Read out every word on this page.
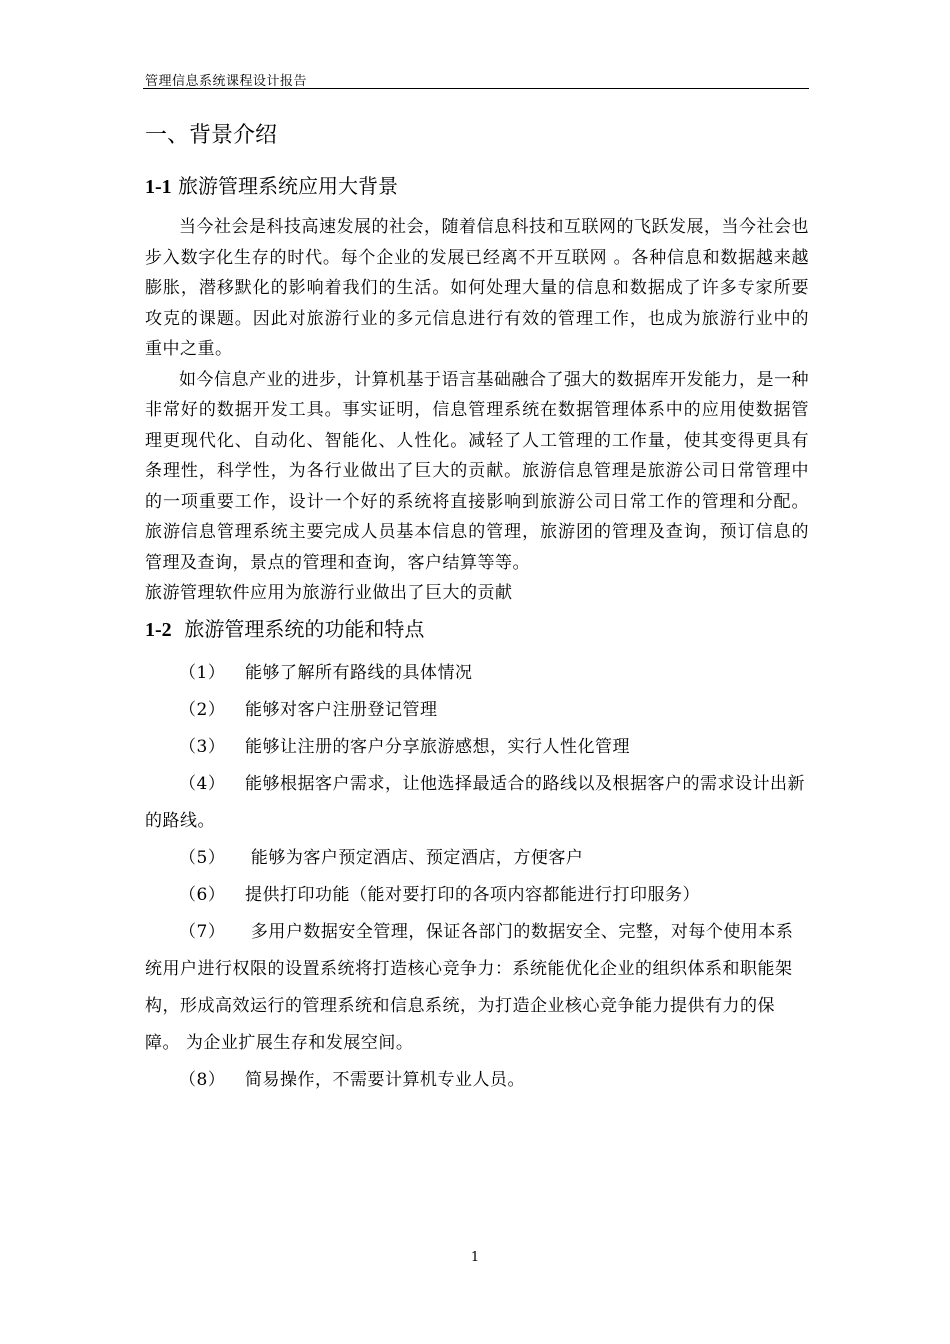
管理信息系统课程设计报告
一、背景介绍
1-1 旅游管理系统应用大背景

当今社会是科技高速发展的社会，随着信息科技和互联网的飞跃发展，当今社会也步入数字化生存的时代。每个企业的发展已经离不开互联网 。各种信息和数据越来越膨胀，潜移默化的影响着我们的生活。如何处理大量的信息和数据成了许多专家所要攻克的课题。因此对旅游行业的多元信息进行有效的管理工作，也成为旅游行业中的重中之重。

如今信息产业的进步，计算机基于语言基础融合了强大的数据库开发能力，是一种非常好的数据开发工具。事实证明，信息管理系统在数据管理体系中的应用使数据管理更现代化、自动化、智能化、人性化。减轻了人工管理的工作量，使其变得更具有条理性，科学性，为各行业做出了巨大的贡献。旅游信息管理是旅游公司日常管理中的一项重要工作，设计一个好的系统将直接影响到旅游公司日常工作的管理和分配。旅游信息管理系统主要完成人员基本信息的管理，旅游团的管理及查询，预订信息的管理及查询，景点的管理和查询，客户结算等等。

旅游管理软件应用为旅游行业做出了巨大的贡献

1-2 旅游管理系统的功能和特点
（1） 能够了解所有路线的具体情况
（2） 能够对客户注册登记管理
（3） 能够让注册的客户分享旅游感想，实行人性化管理
（4） 能够根据客户需求，让他选择最适合的路线以及根据客户的需求设计出新的路线。
（5） 能够为客户预定酒店、预定酒店，方便客户
（6） 提供打印功能（能对要打印的各项内容都能进行打印服务）
（7） 多用户数据安全管理，保证各部门的数据安全、完整，对每个使用本系统用户进行权限的设置系统将打造核心竞争力：系统能优化企业的组织体系和职能架构，形成高效运行的管理系统和信息系统，为打造企业核心竞争能力提供有力的保障。 为企业扩展生存和发展空间。
（8） 简易操作，不需要计算机专业人员。
1
